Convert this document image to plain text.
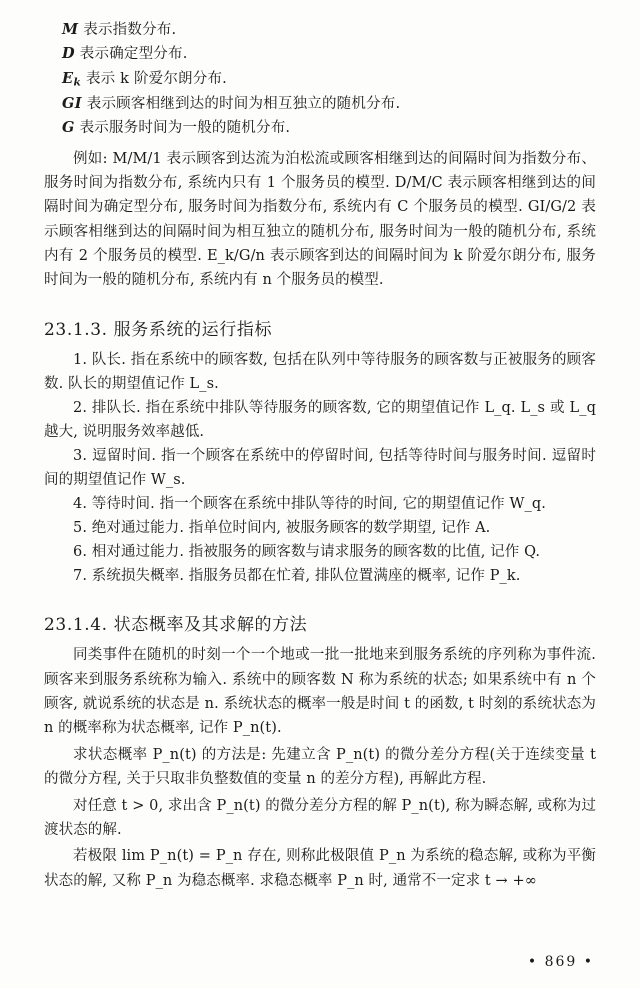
M 表示指数分布.
D 表示确定型分布.
$E_k$ 表示 k 阶爱尔朗分布.
GI 表示顾客相继到达的时间为相互独立的随机分布.
G 表示服务时间为一般的随机分布.

例如: M/M/1 表示顾客到达流为泊松流或顾客相继到达的间隔时间为指数分布、服务时间为指数分布, 系统内只有 1 个服务员的模型. D/M/C 表示顾客相继到达的间隔时间为确定型分布, 服务时间为指数分布, 系统内有 C 个服务员的模型. GI/G/2 表示顾客相继到达的间隔时间为相互独立的随机分布, 服务时间为一般的随机分布, 系统内有 2 个服务员的模型. E_k/G/n 表示顾客到达的间隔时间为 k 阶爱尔朗分布, 服务时间为一般的随机分布, 系统内有 n 个服务员的模型.

23.1.3. 服务系统的运行指标
1. 队长. 指在系统中的顾客数, 包括在队列中等待服务的顾客数与正被服务的顾客数. 队长的期望值记作 L_s.
2. 排队长. 指在系统中排队等待服务的顾客数, 它的期望值记作 L_q. L_s 或 L_q 越大, 说明服务效率越低.
3. 逗留时间. 指一个顾客在系统中的停留时间, 包括等待时间与服务时间. 逗留时间的期望值记作 W_s.
4. 等待时间. 指一个顾客在系统中排队等待的时间, 它的期望值记作 W_q.
5. 绝对通过能力. 指单位时间内, 被服务顾客的数学期望, 记作 A.
6. 相对通过能力. 指被服务的顾客数与请求服务的顾客数的比值, 记作 Q.
7. 系统损失概率. 指服务员都在忙着, 排队位置满座的概率, 记作 P_k.
23.1.4. 状态概率及其求解的方法

同类事件在随机的时刻一个一个地或一批一批地来到服务系统的序列称为事件流. 顾客来到服务系统称为输入. 系统中的顾客数 N 称为系统的状态; 如果系统中有 n 个顾客, 就说系统的状态是 n. 系统状态的概率一般是时间 t 的函数, t 时刻的系统状态为 n 的概率称为状态概率, 记作 P_n(t).

求状态概率 P_n(t) 的方法是: 先建立含 P_n(t) 的微分差分方程(关于连续变量 t 的微分方程, 关于只取非负整数值的变量 n 的差分方程), 再解此方程.

对任意 t > 0, 求出含 P_n(t) 的微分差分方程的解 P_n(t), 称为瞬态解, 或称为过渡状态的解.

若极限 lim P_n(t) = P_n 存在, 则称此极限值 P_n 为系统的稳态解, 或称为平衡状态的解, 又称 P_n 为稳态概率. 求稳态概率 P_n 时, 通常不一定求 t → +∞

• 869 •
